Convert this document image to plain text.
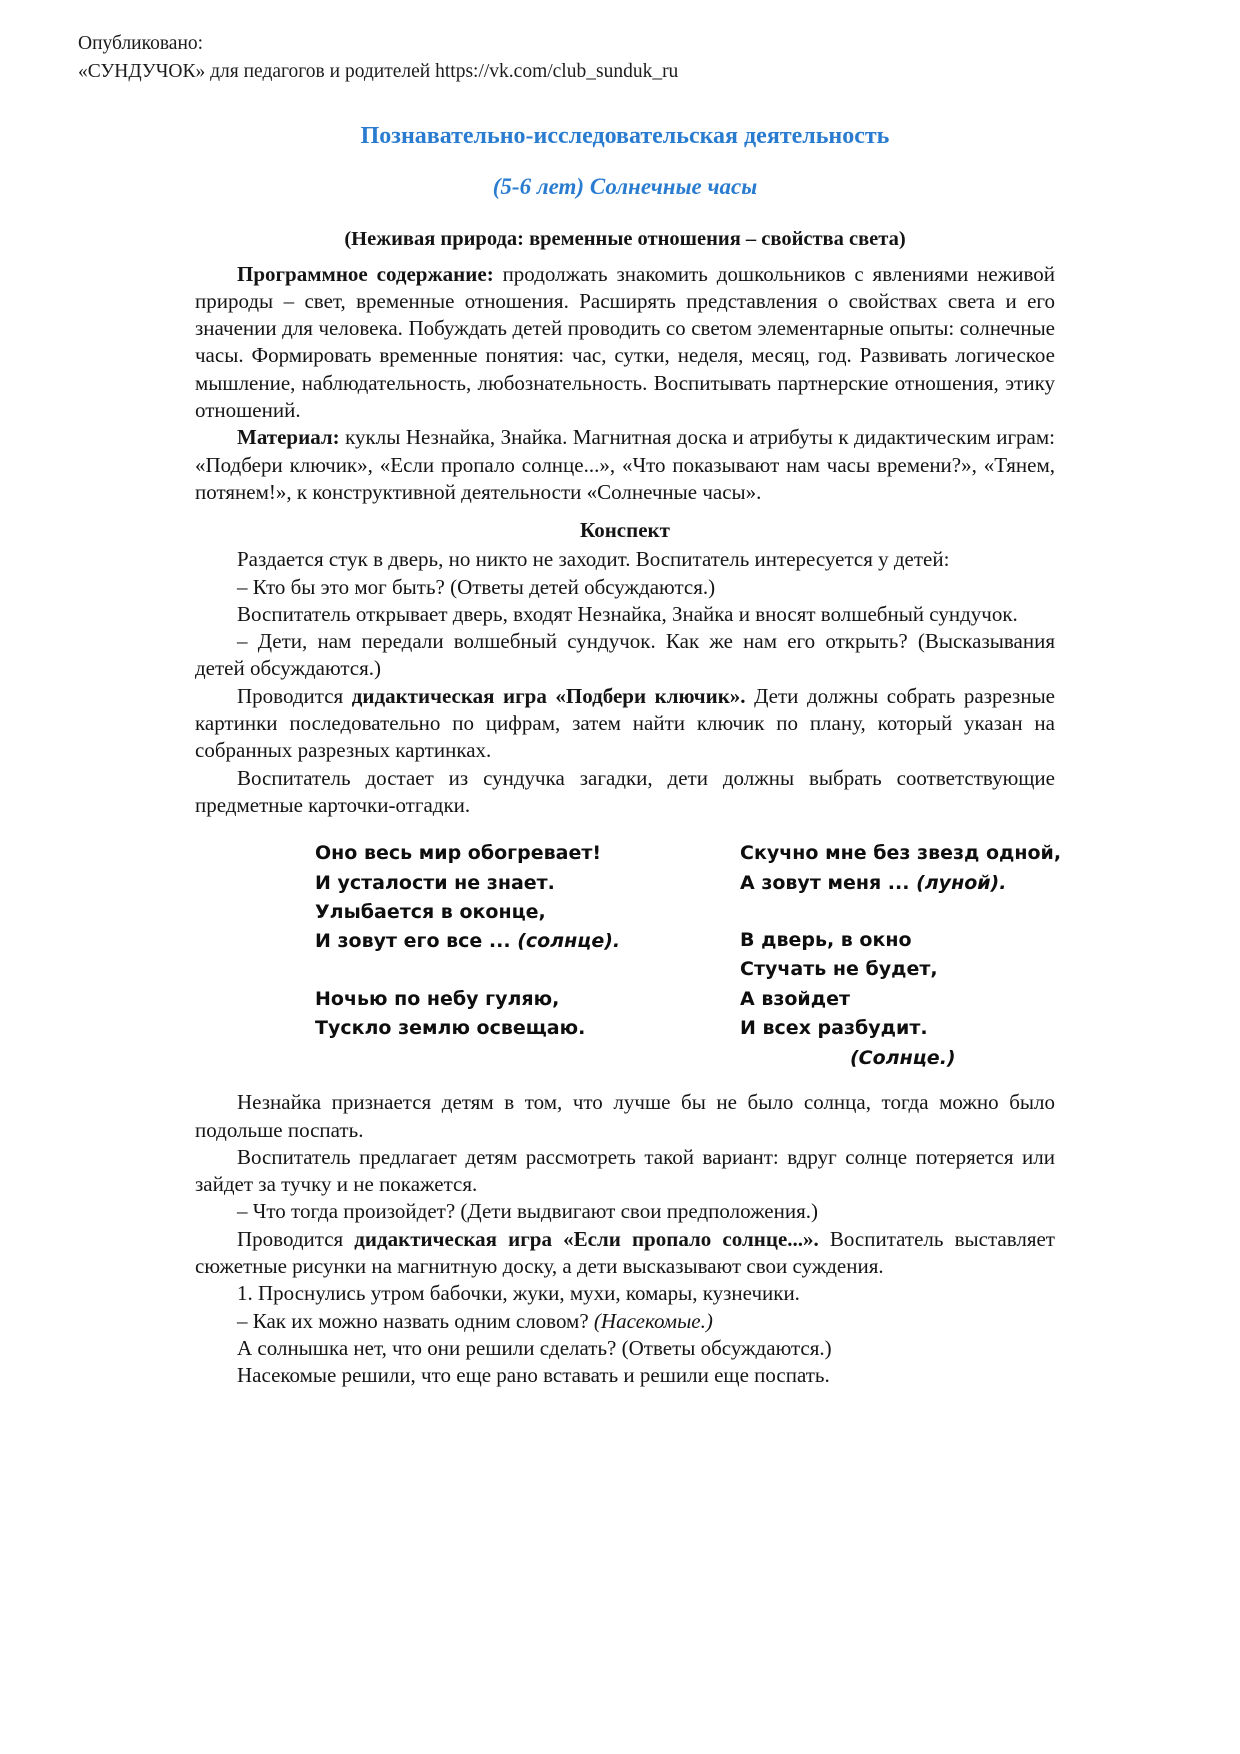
Опубликовано:
«СУНДУЧОК» для педагогов и родителей https://vk.com/club_sunduk_ru
Познавательно-исследовательская деятельность
(5-6 лет) Солнечные часы
(Неживая природа: временные отношения – свойства света)

Программное содержание: продолжать знакомить дошкольников с явлениями неживой природы – свет, временные отношения. Расширять представления о свойствах света и его значении для человека. Побуждать детей проводить со светом элементарные опыты: солнечные часы. Формировать временные понятия: час, сутки, неделя, месяц, год. Развивать логическое мышление, наблюдательность, любознательность. Воспитывать партнерские отношения, этику отношений.

Материал: куклы Незнайка, Знайка. Магнитная доска и атрибуты к дидактическим играм: «Подбери ключик», «Если пропало солнце...», «Что показывают нам часы времени?», «Тянем, потянем!», к конструктивной деятельности «Солнечные часы».

Конспект

Раздается стук в дверь, но никто не заходит. Воспитатель интересуется у детей:

– Кто бы это мог быть? (Ответы детей обсуждаются.)

Воспитатель открывает дверь, входят Незнайка, Знайка и вносят волшебный сундучок.

– Дети, нам передали волшебный сундучок. Как же нам его открыть? (Высказывания детей обсуждаются.)

Проводится дидактическая игра «Подбери ключик». Дети должны собрать разрезные картинки последовательно по цифрам, затем найти ключик по плану, который указан на собранных разрезных картинках.

Воспитатель достает из сундучка загадки, дети должны выбрать соответствующие предметные карточки-отгадки.

Оно весь мир обогревает!
И усталости не знает.
Улыбается в оконце,
И зовут его все ... (солнце).
Ночью по небу гуляю,
Тускло землю освещаю.
Скучно мне без звезд одной,
А зовут меня ... (луной).
В дверь, в окно
Стучать не будет,
А взойдет
И всех разбудит.
(Солнце.)

Незнайка признается детям в том, что лучше бы не было солнца, тогда можно было подольше поспать.

Воспитатель предлагает детям рассмотреть такой вариант: вдруг солнце потеряется или зайдет за тучку и не покажется.

– Что тогда произойдет? (Дети выдвигают свои предположения.)

Проводится дидактическая игра «Если пропало солнце...». Воспитатель выставляет сюжетные рисунки на магнитную доску, а дети высказывают свои суждения.

1. Проснулись утром бабочки, жуки, мухи, комары, кузнечики.

– Как их можно назвать одним словом? (Насекомые.)

А солнышка нет, что они решили сделать? (Ответы обсуждаются.)

Насекомые решили, что еще рано вставать и решили еще поспать.
